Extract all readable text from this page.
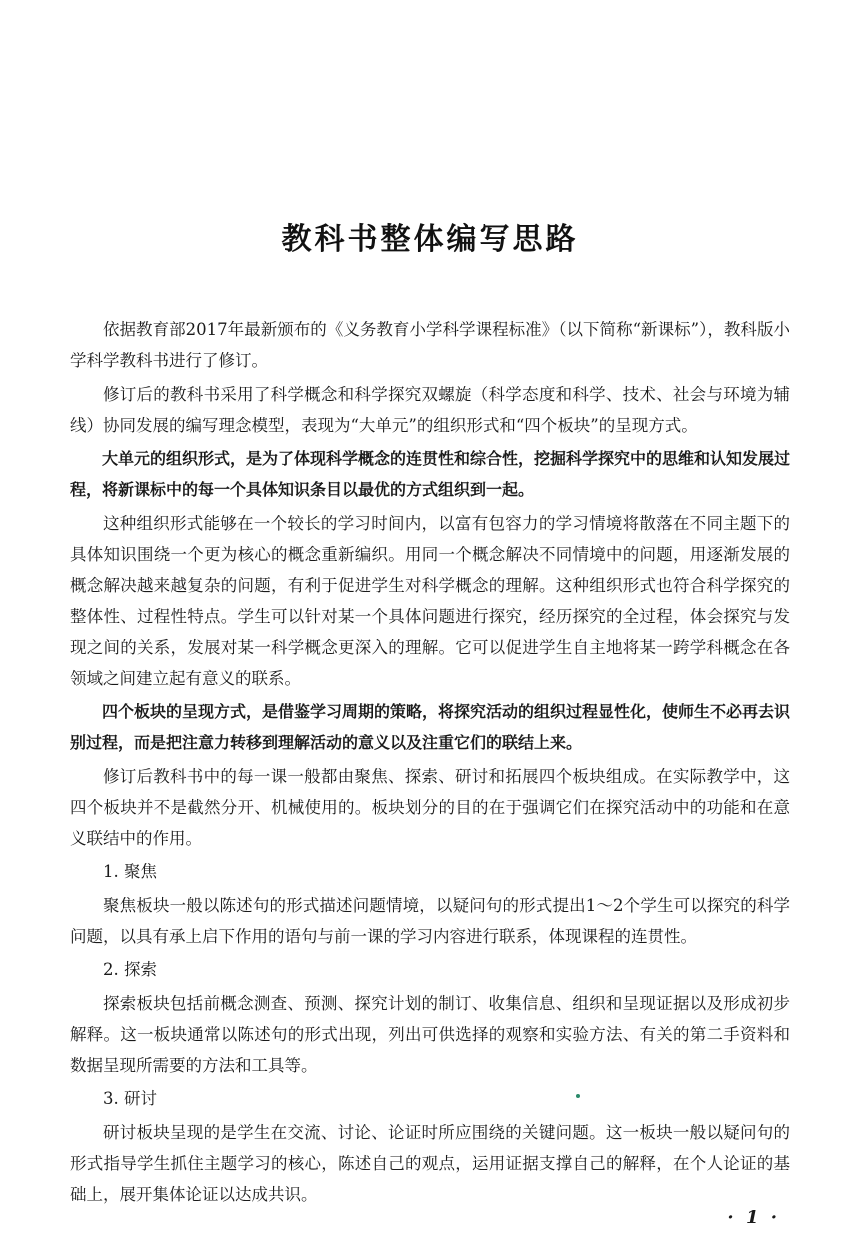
教科书整体编写思路

依据教育部2017年最新颁布的《义务教育小学科学课程标准》（以下简称“新课标”），教科版小学科学教科书进行了修订。

修订后的教科书采用了科学概念和科学探究双螺旋（科学态度和科学、技术、社会与环境为辅线）协同发展的编写理念模型，表现为“大单元”的组织形式和“四个板块”的呈现方式。

大单元的组织形式，是为了体现科学概念的连贯性和综合性，挖掘科学探究中的思维和认知发展过程，将新课标中的每一个具体知识条目以最优的方式组织到一起。

这种组织形式能够在一个较长的学习时间内，以富有包容力的学习情境将散落在不同主题下的具体知识围绕一个更为核心的概念重新编织。用同一个概念解决不同情境中的问题，用逐渐发展的概念解决越来越复杂的问题，有利于促进学生对科学概念的理解。这种组织形式也符合科学探究的整体性、过程性特点。学生可以针对某一个具体问题进行探究，经历探究的全过程，体会探究与发现之间的关系，发展对某一科学概念更深入的理解。它可以促进学生自主地将某一跨学科概念在各领域之间建立起有意义的联系。

四个板块的呈现方式，是借鉴学习周期的策略，将探究活动的组织过程显性化，使师生不必再去识别过程，而是把注意力转移到理解活动的意义以及注重它们的联结上来。

修订后教科书中的每一课一般都由聚焦、探索、研讨和拓展四个板块组成。在实际教学中，这四个板块并不是截然分开、机械使用的。板块划分的目的在于强调它们在探究活动中的功能和在意义联结中的作用。

1. 聚焦

聚焦板块一般以陈述句的形式描述问题情境，以疑问句的形式提出1～2个学生可以探究的科学问题，以具有承上启下作用的语句与前一课的学习内容进行联系，体现课程的连贯性。

2. 探索

探索板块包括前概念测查、预测、探究计划的制订、收集信息、组织和呈现证据以及形成初步解释。这一板块通常以陈述句的形式出现，列出可供选择的观察和实验方法、有关的第二手资料和数据呈现所需要的方法和工具等。

3. 研讨

研讨板块呈现的是学生在交流、讨论、论证时所应围绕的关键问题。这一板块一般以疑问句的形式指导学生抓住主题学习的核心，陈述自己的观点，运用证据支撑自己的解释，在个人论证的基础上，展开集体论证以达成共识。

· 1 ·
